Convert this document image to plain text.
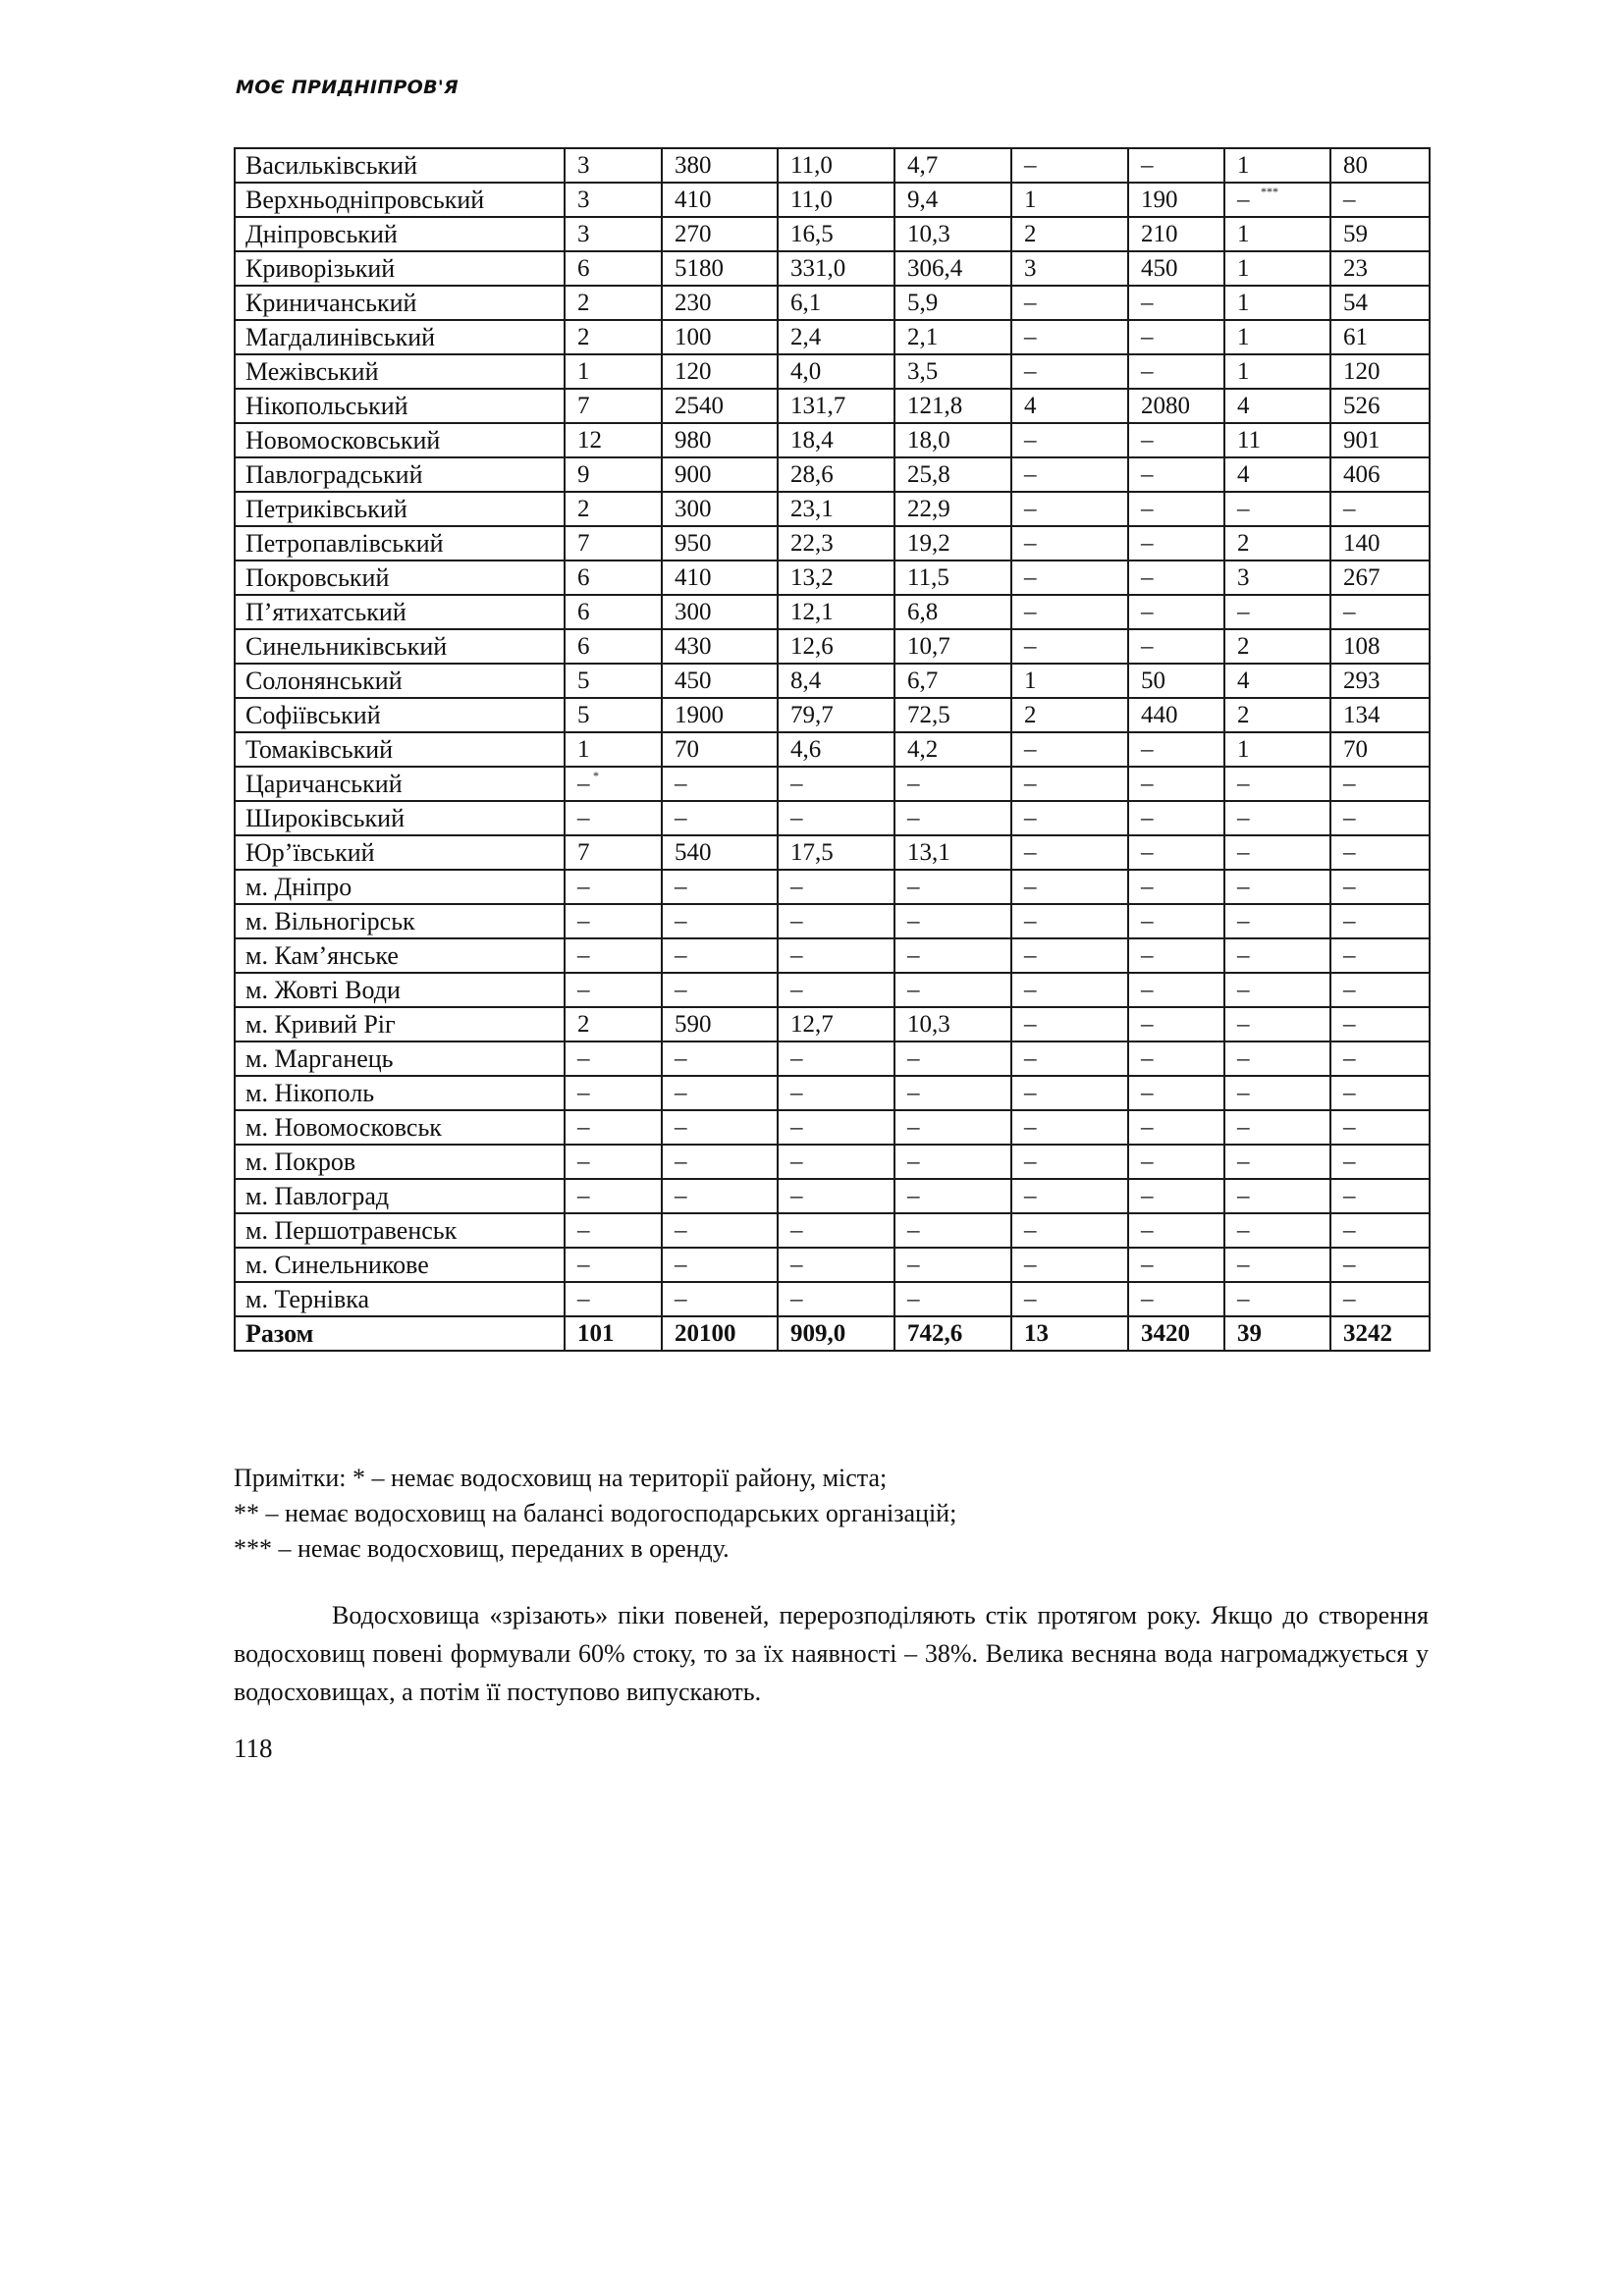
МОЄ ПРИДНІПРОВ'Я
Васильківський	3	380	11,0	4,7	–	–	1	80
Верхньодніпровський	3	410	11,0	9,4	1	190	– ***	–
Дніпровський	3	270	16,5	10,3	2	210	1	59
Криворізький	6	5180	331,0	306,4	3	450	1	23
Криничанський	2	230	6,1	5,9	–	–	1	54
Магдалинівський	2	100	2,4	2,1	–	–	1	61
Межівський	1	120	4,0	3,5	–	–	1	120
Нікопольський	7	2540	131,7	121,8	4	2080	4	526
Новомосковський	12	980	18,4	18,0	–	–	11	901
Павлоградський	9	900	28,6	25,8	–	–	4	406
Петриківський	2	300	23,1	22,9	–	–	–	–
Петропавлівський	7	950	22,3	19,2	–	–	2	140
Покровський	6	410	13,2	11,5	–	–	3	267
П’ятихатський	6	300	12,1	6,8	–	–	–	–
Синельниківський	6	430	12,6	10,7	–	–	2	108
Солонянський	5	450	8,4	6,7	1	50	4	293
Софіївський	5	1900	79,7	72,5	2	440	2	134
Томаківський	1	70	4,6	4,2	–	–	1	70
Царичанський	– *	–	–	–	–	–	–	–
Широківський	–	–	–	–	–	–	–	–
Юр’ївський	7	540	17,5	13,1	–	–	–	–
м. Дніпро	–	–	–	–	–	–	–	–
м. Вільногірськ	–	–	–	–	–	–	–	–
м. Кам’янське	–	–	–	–	–	–	–	–
м. Жовті Води	–	–	–	–	–	–	–	–
м. Кривий Ріг	2	590	12,7	10,3	–	–	–	–
м. Марганець	–	–	–	–	–	–	–	–
м. Нікополь	–	–	–	–	–	–	–	–
м. Новомосковськ	–	–	–	–	–	–	–	–
м. Покров	–	–	–	–	–	–	–	–
м. Павлоград	–	–	–	–	–	–	–	–
м. Першотравенськ	–	–	–	–	–	–	–	–
м. Синельникове	–	–	–	–	–	–	–	–
м. Тернівка	–	–	–	–	–	–	–	–
Разом	101	20100	909,0	742,6	13	3420	39	3242

Примітки: * – немає водосховищ на території району, міста;

** – немає водосховищ на балансі водогосподарських організацій;

*** – немає водосховищ, переданих в оренду.

Водосховища «зрізають» піки повеней, перерозподіляють стік протягом року. Якщо до створення водосховищ повені формували 60% стоку, то за їх наявності – 38%. Велика весняна вода нагромаджується у водосховищах, а потім її поступово випускають.

118
